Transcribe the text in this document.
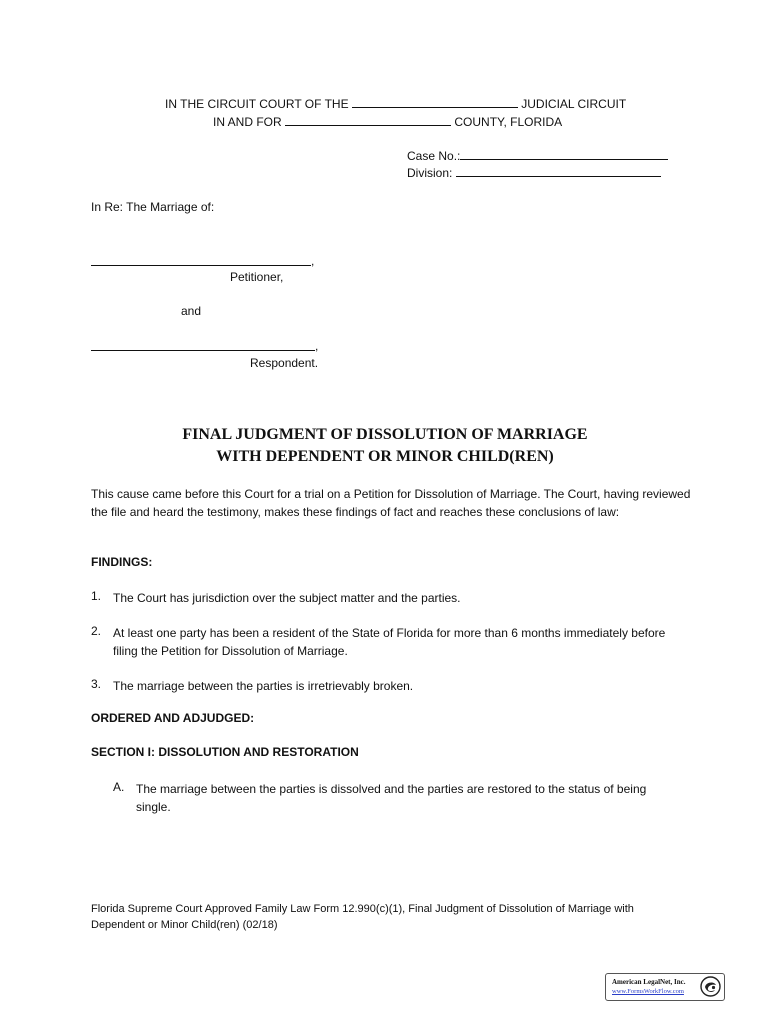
IN THE CIRCUIT COURT OF THE	JUDICIAL CIRCUIT
IN AND FOR	COUNTY, FLORIDA
Case No.:
Division:
In Re: The Marriage of:
,
Petitioner,
and
,
Respondent.
FINAL JUDGMENT OF DISSOLUTION OF MARRIAGE
WITH DEPENDENT OR MINOR CHILD(REN)
This cause came before this Court for a trial on a Petition for Dissolution of Marriage. The Court, having reviewed the file and heard the testimony, makes these findings of fact and reaches these conclusions of law:
FINDINGS:
1. The Court has jurisdiction over the subject matter and the parties.
2. At least one party has been a resident of the State of Florida for more than 6 months immediately before filing the Petition for Dissolution of Marriage.
3. The marriage between the parties is irretrievably broken.
ORDERED AND ADJUDGED:
SECTION I: DISSOLUTION AND RESTORATION
A. The marriage between the parties is dissolved and the parties are restored to the status of being single.
Florida Supreme Court Approved Family Law Form 12.990(c)(1), Final Judgment of Dissolution of Marriage with
Dependent or Minor Child(ren) (02/18)
American LegalNet, Inc.
www.FormsWorkFlow.com
